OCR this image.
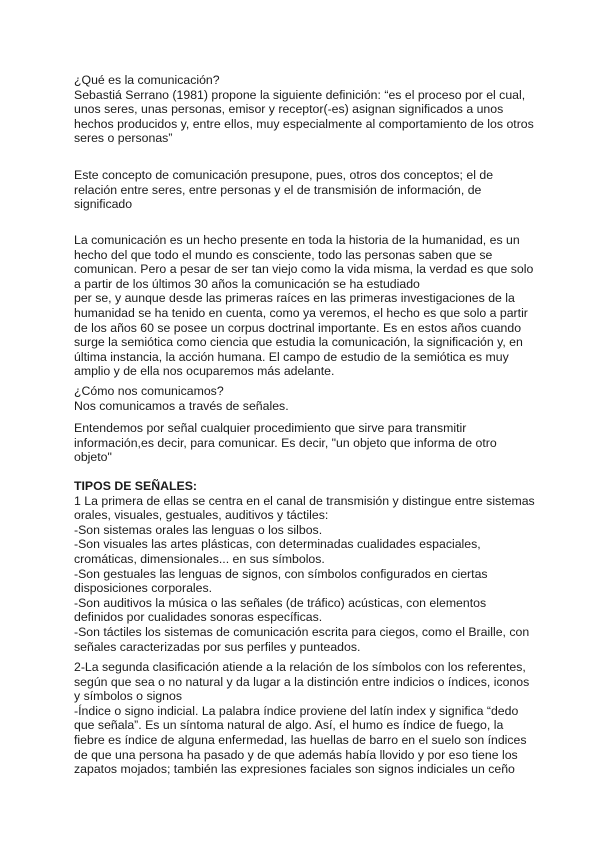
¿Qué es la comunicación?
Sebastiá Serrano (1981) propone la siguiente definición: “es el proceso por el cual,
unos seres, unas personas, emisor y receptor(-es) asignan significados a unos
hechos producidos y, entre ellos, muy especialmente al comportamiento de los otros
seres o personas”
Este concepto de comunicación presupone, pues, otros dos conceptos; el de
relación entre seres, entre personas y el de transmisión de información, de
significado
La comunicación es un hecho presente en toda la historia de la humanidad, es un
hecho del que todo el mundo es consciente, todo las personas saben que se
comunican. Pero a pesar de ser tan viejo como la vida misma, la verdad es que solo
a partir de los últimos 30 años la comunicación se ha estudiado
per se, y aunque desde las primeras raíces en las primeras investigaciones de la
humanidad se ha tenido en cuenta, como ya veremos, el hecho es que solo a partir
de los años 60 se posee un corpus doctrinal importante. Es en estos años cuando
surge la semiótica como ciencia que estudia la comunicación, la significación y, en
última instancia, la acción humana. El campo de estudio de la semiótica es muy
amplio y de ella nos ocuparemos más adelante.
¿Cómo nos comunicamos?
Nos comunicamos a través de señales.
Entendemos por señal cualquier procedimiento que sirve para transmitir
información,es decir, para comunicar. Es decir, "un objeto que informa de otro
objeto"
TIPOS DE SEÑALES:
1 La primera de ellas se centra en el canal de transmisión y distingue entre sistemas
orales, visuales, gestuales, auditivos y táctiles:
-Son sistemas orales las lenguas o los silbos.
-Son visuales las artes plásticas, con determinadas cualidades espaciales,
cromáticas, dimensionales... en sus símbolos.
-Son gestuales las lenguas de signos, con símbolos configurados en ciertas
disposiciones corporales.
-Son auditivos la música o las señales (de tráfico) acústicas, con elementos
definidos por cualidades sonoras específicas.
-Son táctiles los sistemas de comunicación escrita para ciegos, como el Braille, con
señales caracterizadas por sus perfiles y punteados.
2-La segunda clasificación atiende a la relación de los símbolos con los referentes,
según que sea o no natural y da lugar a la distinción entre indicios o índices, iconos
y símbolos o signos
-Índice o signo indicial. La palabra índice proviene del latín index y significa “dedo
que señala”. Es un síntoma natural de algo. Así, el humo es índice de fuego, la
fiebre es índice de alguna enfermedad, las huellas de barro en el suelo son índices
de que una persona ha pasado y de que además había llovido y por eso tiene los
zapatos mojados; también las expresiones faciales son signos indiciales un ceño
